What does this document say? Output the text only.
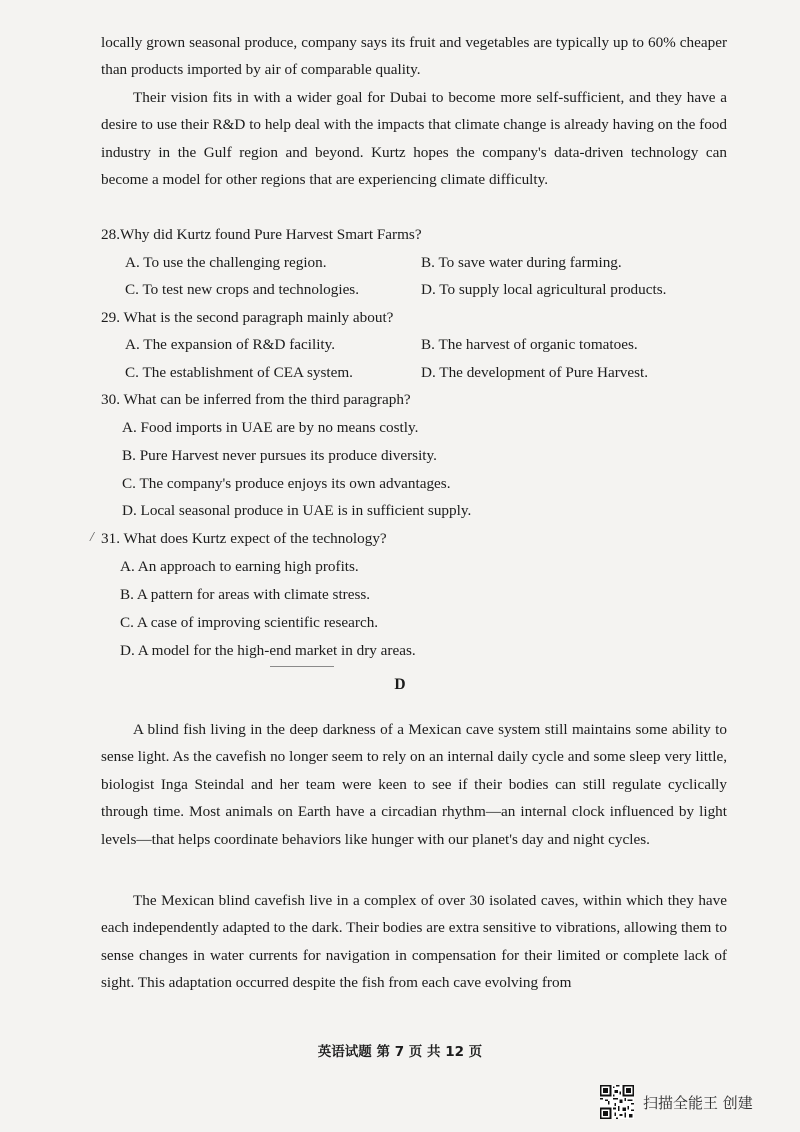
locally grown seasonal produce, company says its fruit and vegetables are typically up to 60% cheaper than products imported by air of comparable quality.

Their vision fits in with a wider goal for Dubai to become more self-sufficient, and they have a desire to use their R&D to help deal with the impacts that climate change is already having on the food industry in the Gulf region and beyond. Kurtz hopes the company's data-driven technology can become a model for other regions that are experiencing climate difficulty.

28.Why did Kurtz found Pure Harvest Smart Farms?

A. To use the challenging region.	B. To save water during farming.

C. To test new crops and technologies.	D. To supply local agricultural products.

29. What is the second paragraph mainly about?

A. The expansion of R&D facility.	B. The harvest of organic tomatoes.

C. The establishment of CEA system.	D. The development of Pure Harvest.

30. What can be inferred from the third paragraph?

A. Food imports in UAE are by no means costly.

B. Pure Harvest never pursues its produce diversity.

C. The company's produce enjoys its own advantages.

D. Local seasonal produce in UAE is in sufficient supply.

/ 31. What does Kurtz expect of the technology?

A. An approach to earning high profits.

B. A pattern for areas with climate stress.

C. A case of improving scientific research.

D. A model for the high-end market in dry areas.

D

A blind fish living in the deep darkness of a Mexican cave system still maintains some ability to sense light. As the cavefish no longer seem to rely on an internal daily cycle and some sleep very little, biologist Inga Steindal and her team were keen to see if their bodies can still regulate cyclically through time. Most animals on Earth have a circadian rhythm—an internal clock influenced by light levels—that helps coordinate behaviors like hunger with our planet's day and night cycles.

The Mexican blind cavefish live in a complex of over 30 isolated caves, within which they have each independently adapted to the dark. Their bodies are extra sensitive to vibrations, allowing them to sense changes in water currents for navigation in compensation for their limited or complete lack of sight. This adaptation occurred despite the fish from each cave evolving from

英语试题 第 7 页 共 12 页

扫描全能王 创建
